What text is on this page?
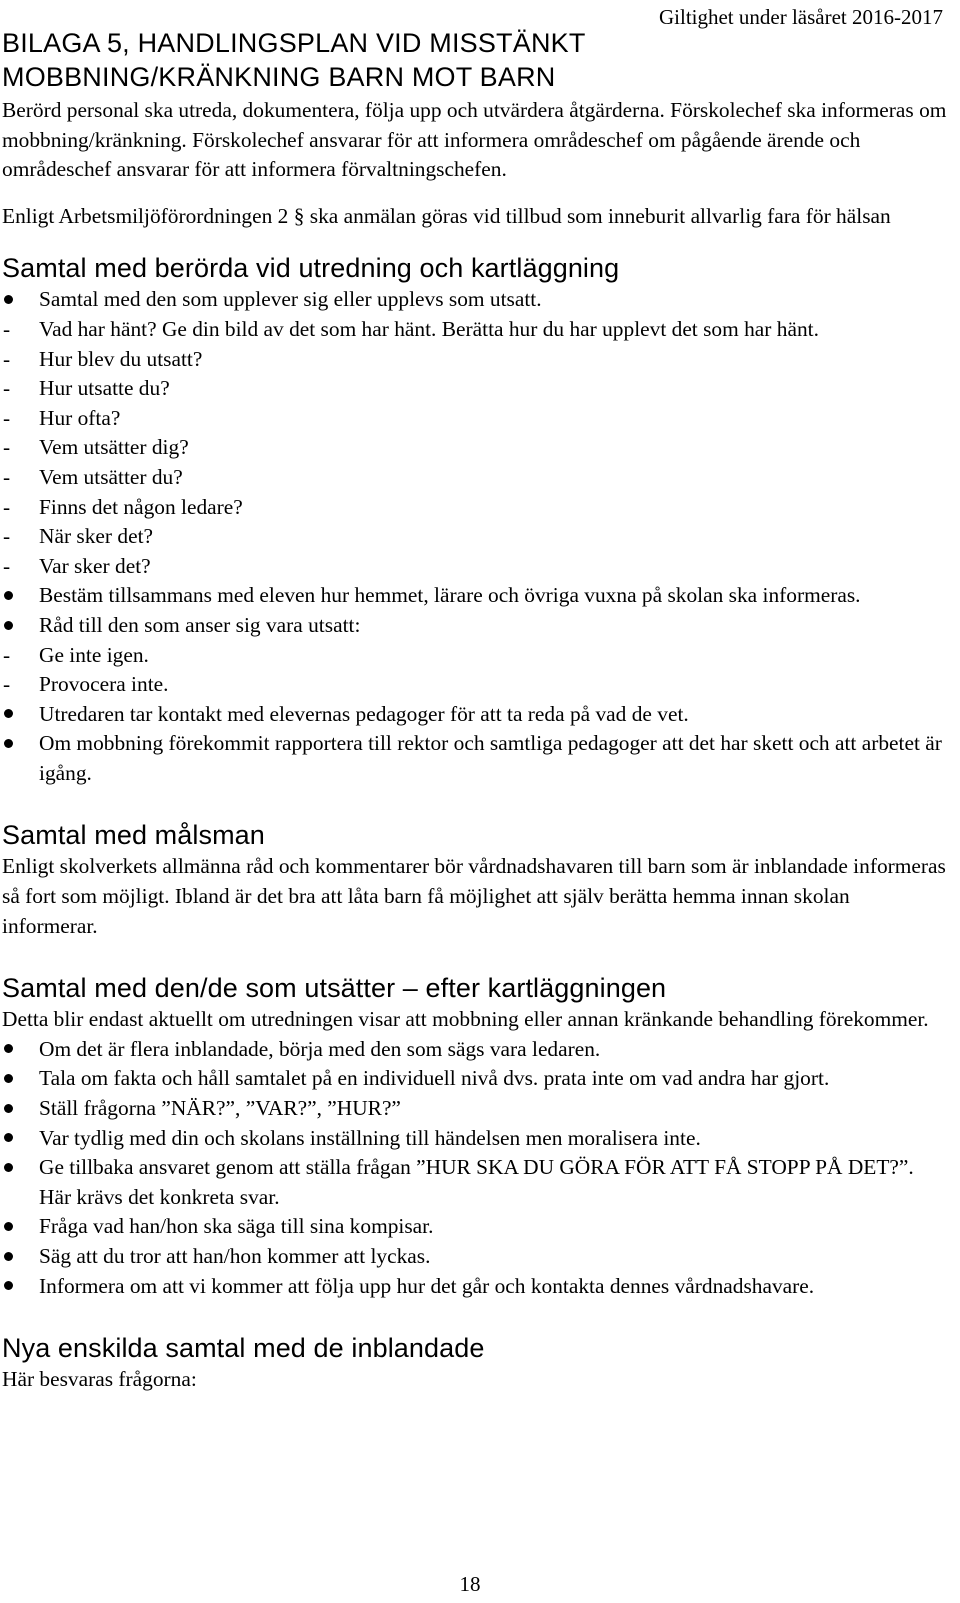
Giltighet under läsåret 2016-2017
BILAGA 5, HANDLINGSPLAN VID MISSTÄNKT
MOBBNING/KRÄNKNING BARN MOT BARN

Berörd personal ska utreda, dokumentera, följa upp och utvärdera åtgärderna. Förskolechef ska informeras om mobbning/kränkning. Förskolechef ansvarar för att informera områdeschef om pågående ärende och områdeschef ansvarar för att informera förvaltningschefen.

Enligt Arbetsmiljöförordningen 2 § ska anmälan göras vid tillbud som inneburit allvarlig fara för hälsan

Samtal med berörda vid utredning och kartläggning
Samtal med den som upplever sig eller upplevs som utsatt.
-	Vad har hänt? Ge din bild av det som har hänt. Berätta hur du har upplevt det som har hänt.
-	Hur blev du utsatt?
-	Hur utsatte du?
-	Hur ofta?
-	Vem utsätter dig?
-	Vem utsätter du?
-	Finns det någon ledare?
-	När sker det?
-	Var sker det?
Bestäm tillsammans med eleven hur hemmet, lärare och övriga vuxna på skolan ska informeras.
Råd till den som anser sig vara utsatt:
-	Ge inte igen.
-	Provocera inte.
Utredaren tar kontakt med elevernas pedagoger för att ta reda på vad de vet.
Om mobbning förekommit rapportera till rektor och samtliga pedagoger att det har skett och att arbetet är igång.
Samtal med målsman

Enligt skolverkets allmänna råd och kommentarer bör vårdnadshavaren till barn som är inblandade informeras så fort som möjligt. Ibland är det bra att låta barn få möjlighet att själv berätta hemma innan skolan informerar.

Samtal med den/de som utsätter – efter kartläggningen

Detta blir endast aktuellt om utredningen visar att mobbning eller annan kränkande behandling förekommer.

Om det är flera inblandade, börja med den som sägs vara ledaren.
Tala om fakta och håll samtalet på en individuell nivå dvs. prata inte om vad andra har gjort.
Ställ frågorna ”NÄR?”, ”VAR?”, ”HUR?”
Var tydlig med din och skolans inställning till händelsen men moralisera inte.
Ge tillbaka ansvaret genom att ställa frågan ”HUR SKA DU GÖRA FÖR ATT FÅ STOPP PÅ DET?”. Här krävs det konkreta svar.
Fråga vad han/hon ska säga till sina kompisar.
Säg att du tror att han/hon kommer att lyckas.
Informera om att vi kommer att följa upp hur det går och kontakta dennes vårdnadshavare.
Nya enskilda samtal med de inblandade

Här besvaras frågorna:

18
